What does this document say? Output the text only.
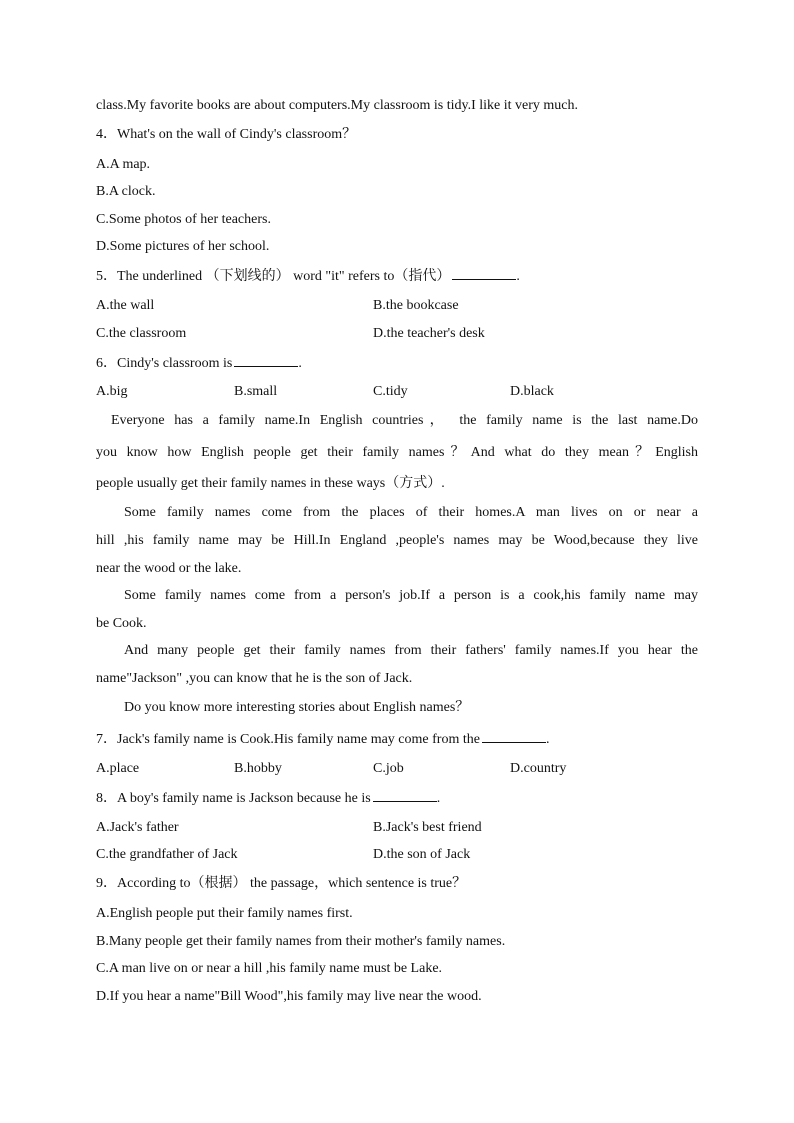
class.My favorite books are about computers.My classroom is tidy.I like it very much.
4．What's on the wall of Cindy's classroom？
A.A map.
B.A clock.
C.Some photos of her teachers.
D.Some pictures of her school.
5．The underlined （下划线的） word "it" refers to（指代）	.
A.the wall	B.the bookcase
C.the classroom	D.the teacher's desk
6．Cindy's classroom is	.
A.big	B.small	C.tidy	D.black
Everyone has a family name.In English countries， the family name is the last name.Do
you know how English people get their family names？And what do they mean？English
people usually get their family names in these ways（方式）.
Some family names come from the places of their homes.A man lives on or near a
hill ,his family name may be Hill.In England ,people's names may be Wood,because they live
near the wood or the lake.
Some family names come from a person's job.If a person is a cook,his family name may
be Cook.
And many people get their family names from their fathers' family names.If you hear the
name"Jackson" ,you can know that he is the son of Jack.
Do you know more interesting stories about English names？
7．Jack's family name is Cook.His family name may come from the	.
A.place	B.hobby	C.job	D.country
8．A boy's family name is Jackson because he is	.
A.Jack's father	B.Jack's best friend
C.the grandfather of Jack	D.the son of Jack
9．According to（根据） the passage，which sentence is true？
A.English people put their family names first.
B.Many people get their family names from their mother's family names.
C.A man live on or near a hill ,his family name must be Lake.
D.If you hear a name"Bill Wood",his family may live near the wood.
